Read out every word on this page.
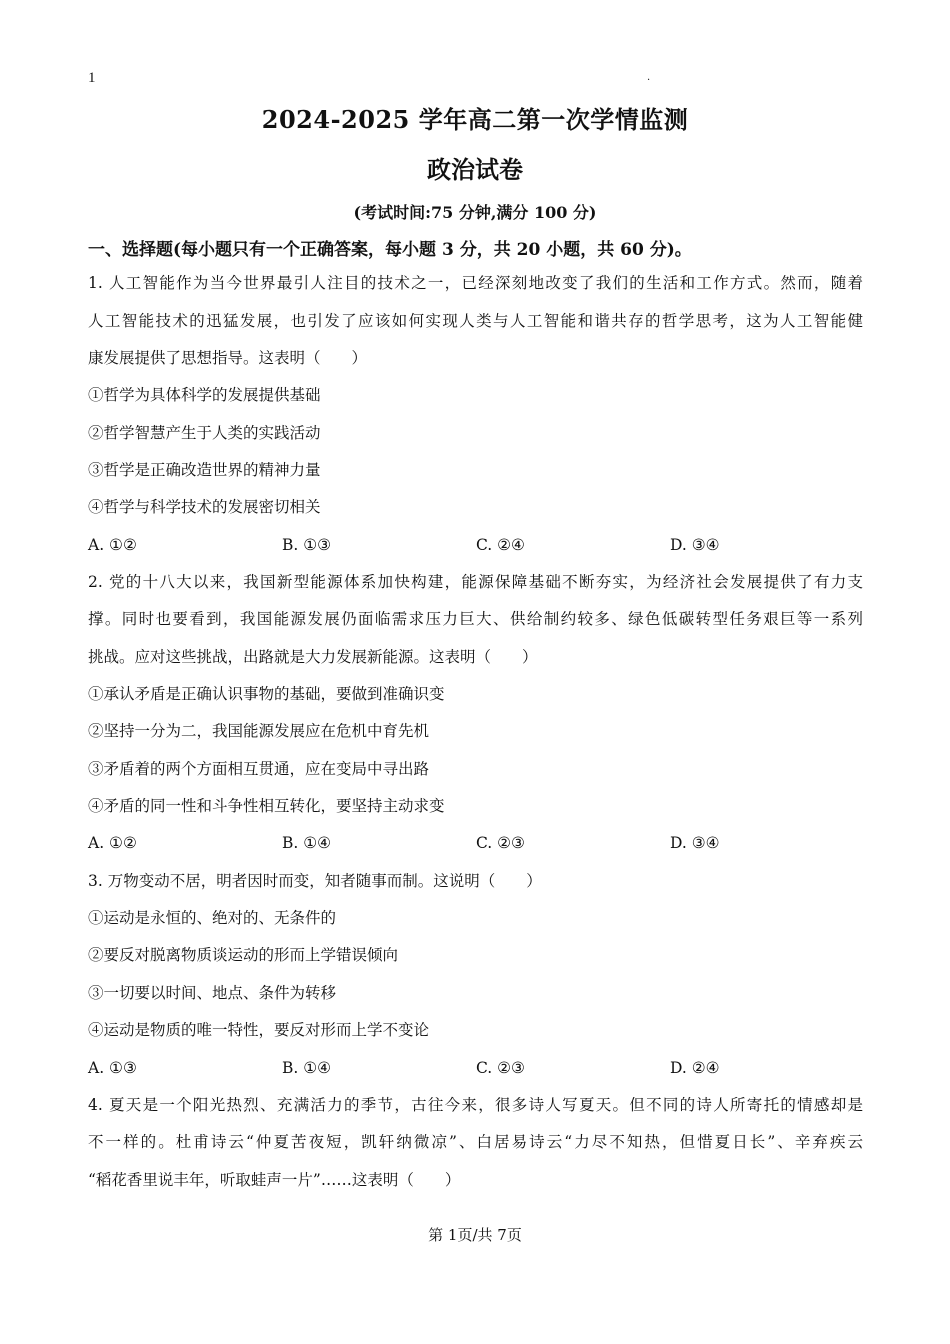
1	.
2024-2025 学年高二第一次学情监测
政治试卷
(考试时间:75 分钟,满分 100 分)
一、选择题(每小题只有一个正确答案，每小题 3 分，共 20 小题，共 60 分)。
1. 人工智能作为当今世界最引人注目的技术之一，已经深刻地改变了我们的生活和工作方式。然而，随着
人工智能技术的迅猛发展，也引发了应该如何实现人类与人工智能和谐共存的哲学思考，这为人工智能健
康发展提供了思想指导。这表明（　　）
①哲学为具体科学的发展提供基础
②哲学智慧产生于人类的实践活动
③哲学是正确改造世界的精神力量
④哲学与科学技术的发展密切相关
A. ①②	B. ①③	C. ②④	D. ③④
2. 党的十八大以来，我国新型能源体系加快构建，能源保障基础不断夯实，为经济社会发展提供了有力支
撑。同时也要看到，我国能源发展仍面临需求压力巨大、供给制约较多、绿色低碳转型任务艰巨等一系列
挑战。应对这些挑战，出路就是大力发展新能源。这表明（　　）
①承认矛盾是正确认识事物的基础，要做到准确识变
②坚持一分为二，我国能源发展应在危机中育先机
③矛盾着的两个方面相互贯通，应在变局中寻出路
④矛盾的同一性和斗争性相互转化，要坚持主动求变
A. ①②	B. ①④	C. ②③	D. ③④
3. 万物变动不居，明者因时而变，知者随事而制。这说明（　　）
①运动是永恒的、绝对的、无条件的
②要反对脱离物质谈运动的形而上学错误倾向
③一切要以时间、地点、条件为转移
④运动是物质的唯一特性，要反对形而上学不变论
A. ①③	B. ①④	C. ②③	D. ②④
4. 夏天是一个阳光热烈、充满活力的季节，古往今来，很多诗人写夏天。但不同的诗人所寄托的情感却是
不一样的。杜甫诗云“仲夏苦夜短，凯轩纳微凉”、白居易诗云“力尽不知热，但惜夏日长”、辛弃疾云
“稻花香里说丰年，听取蛙声一片”……这表明（　　）
第 1页/共 7页
